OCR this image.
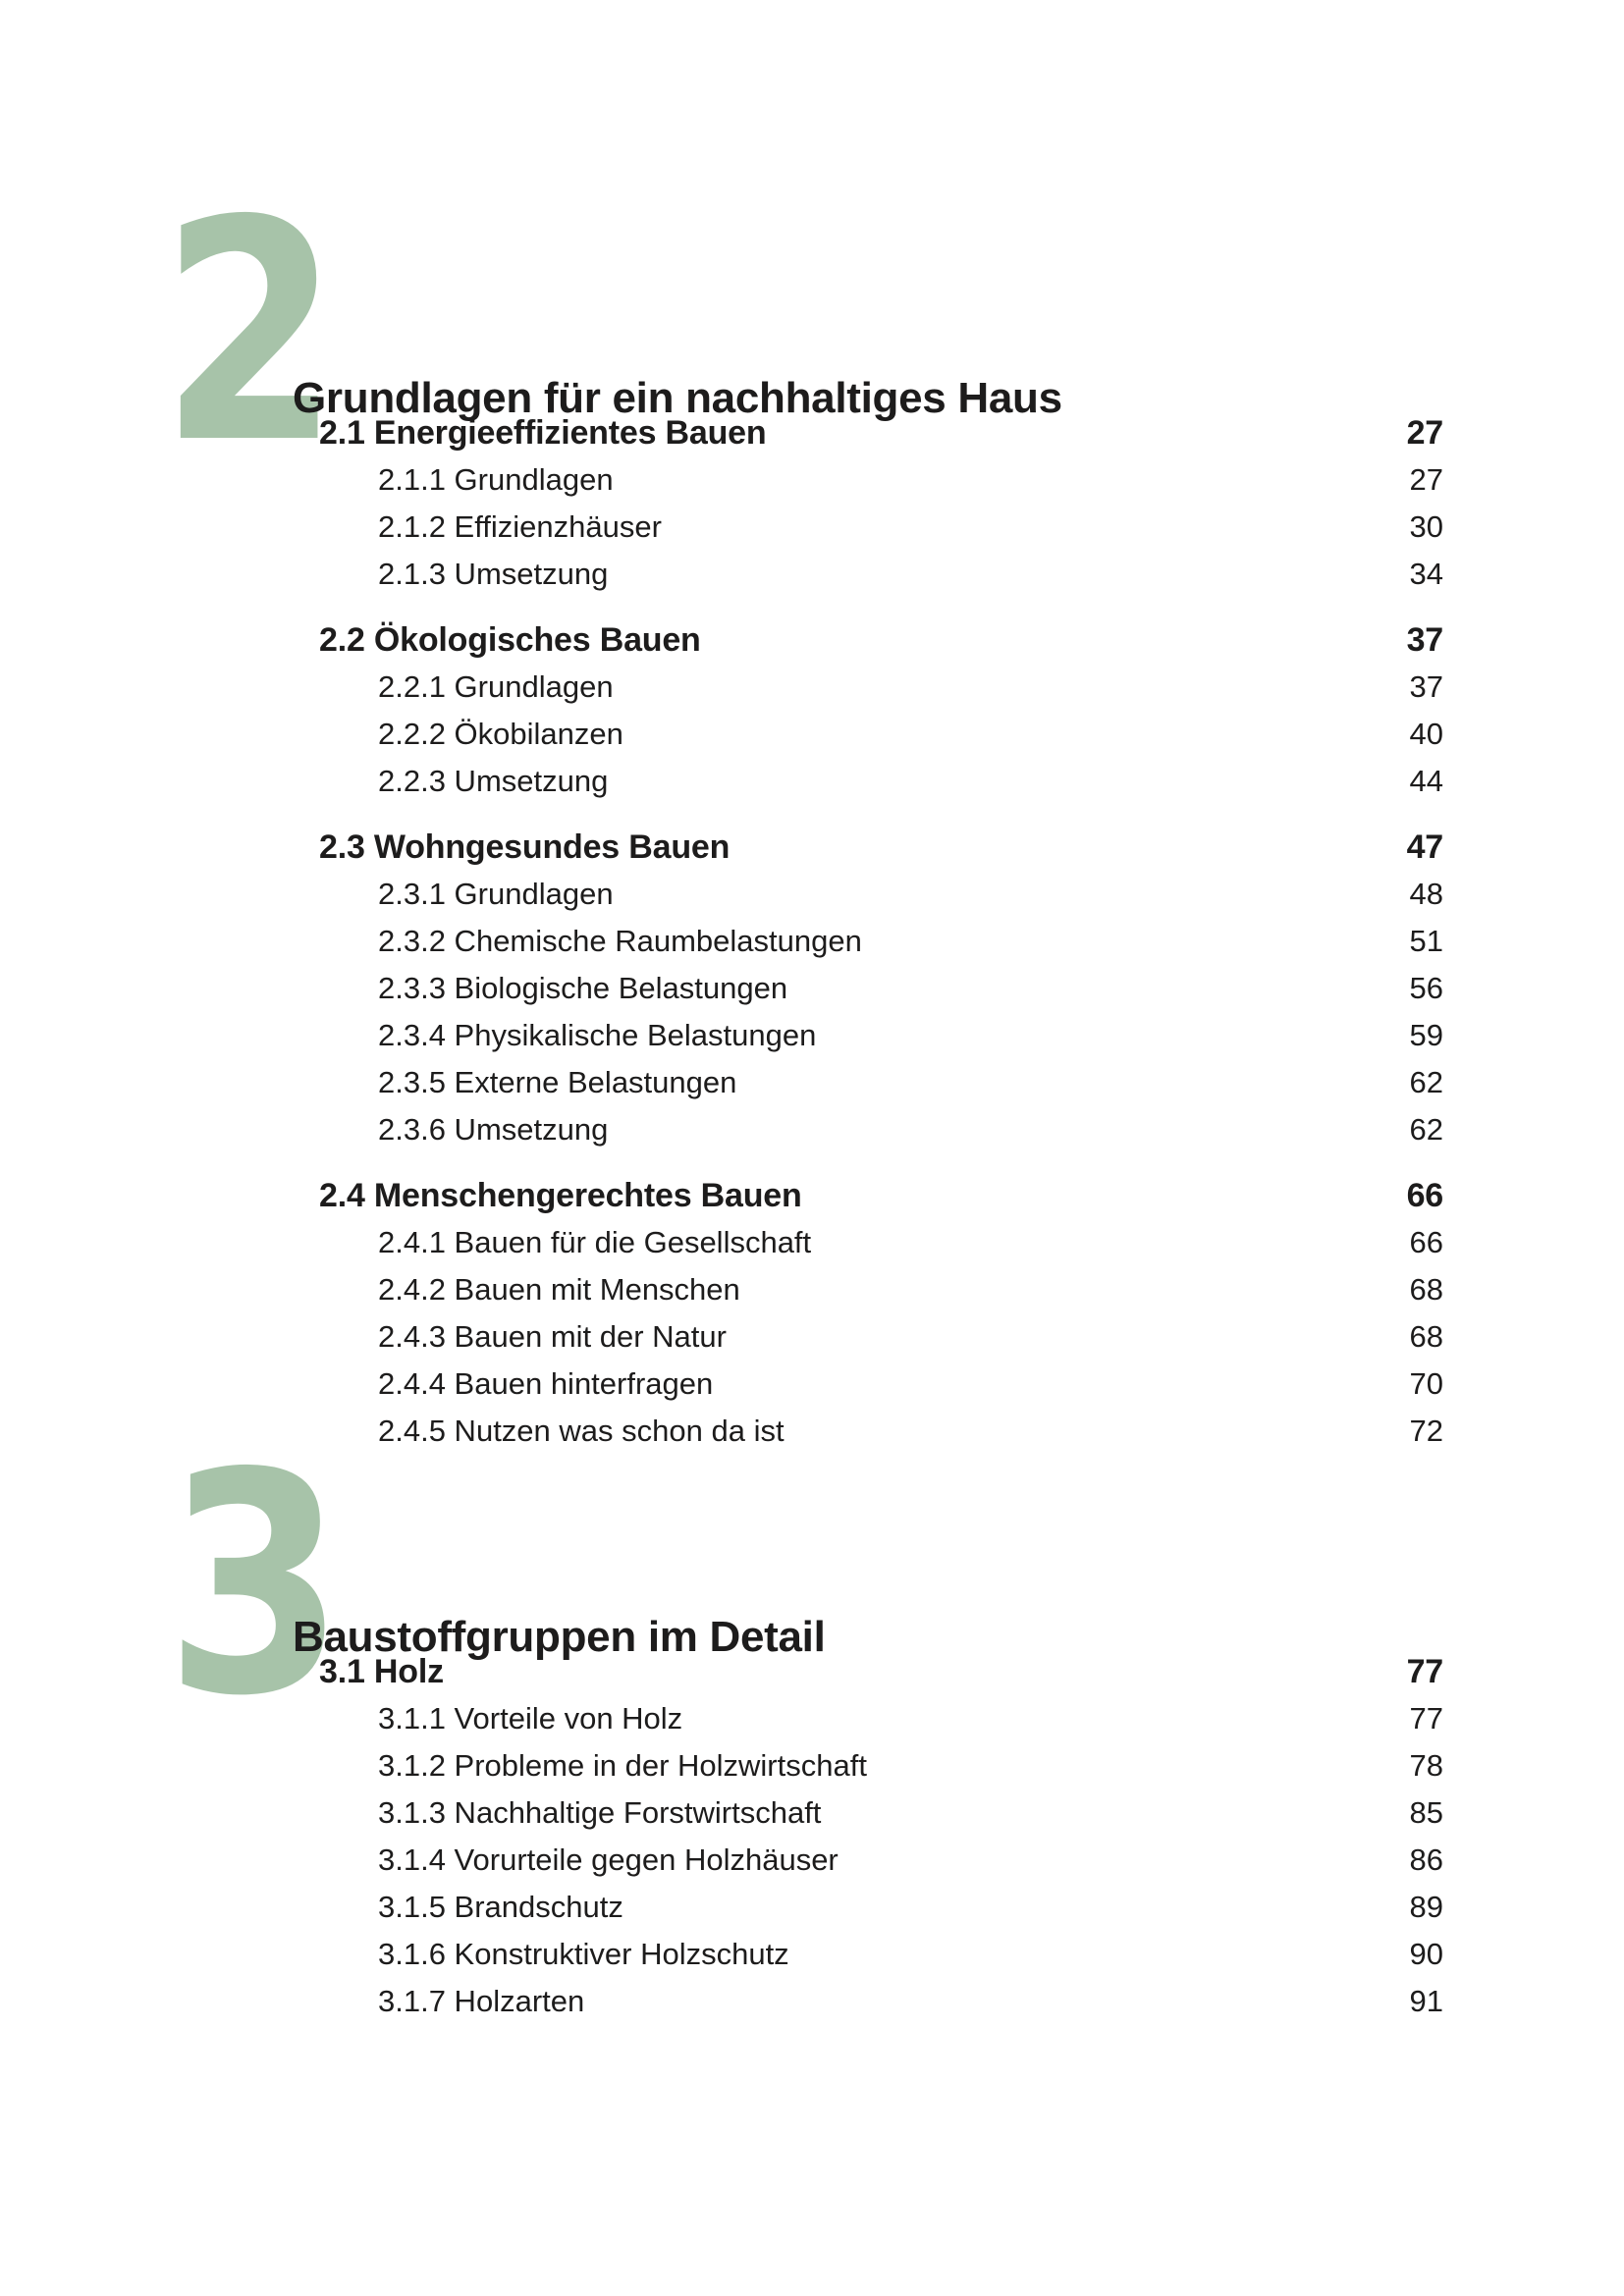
2
Grundlagen für ein nachhaltiges Haus
2.1 Energieeffizientes Bauen	27
2.1.1 Grundlagen	27
2.1.2 Effizienzhäuser	30
2.1.3 Umsetzung	34
2.2 Ökologisches Bauen	37
2.2.1 Grundlagen	37
2.2.2 Ökobilanzen	40
2.2.3 Umsetzung	44
2.3 Wohngesundes Bauen	47
2.3.1 Grundlagen	48
2.3.2 Chemische Raumbelastungen	51
2.3.3 Biologische Belastungen	56
2.3.4 Physikalische Belastungen	59
2.3.5 Externe Belastungen	62
2.3.6 Umsetzung	62
2.4 Menschengerechtes Bauen	66
2.4.1 Bauen für die Gesellschaft	66
2.4.2 Bauen mit Menschen	68
2.4.3 Bauen mit der Natur	68
2.4.4 Bauen hinterfragen	70
2.4.5 Nutzen was schon da ist	72
3
Baustoffgruppen im Detail
3.1 Holz	77
3.1.1 Vorteile von Holz	77
3.1.2 Probleme in der Holzwirtschaft	78
3.1.3 Nachhaltige Forstwirtschaft	85
3.1.4 Vorurteile gegen Holzhäuser	86
3.1.5 Brandschutz	89
3.1.6 Konstruktiver Holzschutz	90
3.1.7 Holzarten	91
